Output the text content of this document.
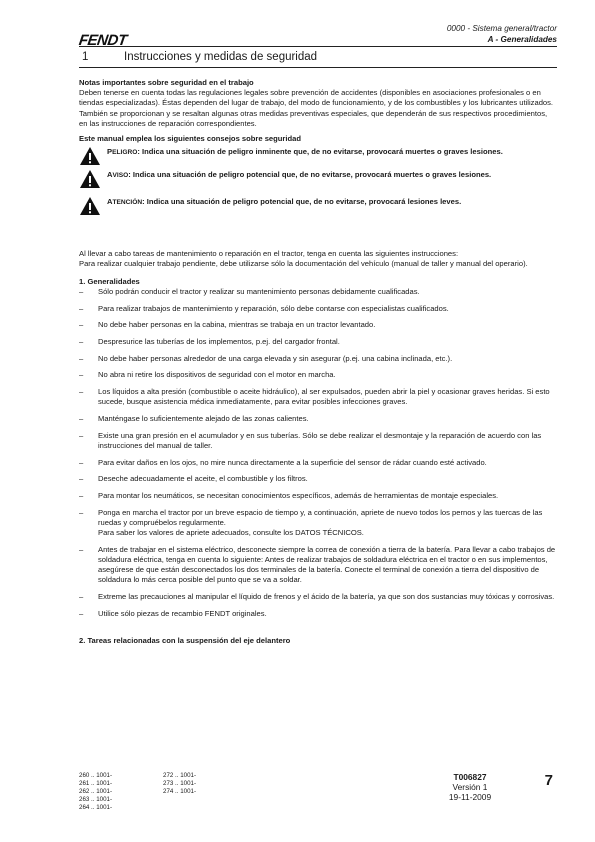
FENDT
0000 - Sistema general/tractor
A - Generalidades
1	Instrucciones y medidas de seguridad

Notas importantes sobre seguridad en el trabajo

Deben tenerse en cuenta todas las regulaciones legales sobre prevención de accidentes (disponibles en asociaciones profesionales o en tiendas especializadas). Éstas dependen del lugar de trabajo, del modo de funcionamiento, y de los combustibles y los lubricantes utilizados. También se proporcionan y se resaltan algunas otras medidas preventivas especiales, que dependerán de sus respectivos procedimientos, en las instrucciones de reparación correspondientes.

Este manual emplea los siguientes consejos sobre seguridad

PELIGRO: Indica una situación de peligro inminente que, de no evitarse, provocará muertes o graves lesiones.
AVISO: Indica una situación de peligro potencial que, de no evitarse, provocará muertes o graves lesiones.
ATENCIÓN: Indica una situación de peligro potencial que, de no evitarse, provocará lesiones leves.

Al llevar a cabo tareas de mantenimiento o reparación en el tractor, tenga en cuenta las siguientes instrucciones:

Para realizar cualquier trabajo pendiente, debe utilizarse sólo la documentación del vehículo (manual de taller y manual del operario).

1. Generalidades

– Sólo podrán conducir el tractor y realizar su mantenimiento personas debidamente cualificadas.
– Para realizar trabajos de mantenimiento y reparación, sólo debe contarse con especialistas cualificados.
– No debe haber personas en la cabina, mientras se trabaja en un tractor levantado.
– Despresurice las tuberías de los implementos, p.ej. del cargador frontal.
– No debe haber personas alrededor de una carga elevada y sin asegurar (p.ej. una cabina inclinada, etc.).
– No abra ni retire los dispositivos de seguridad con el motor en marcha.
– Los líquidos a alta presión (combustible o aceite hidráulico), al ser expulsados, pueden abrir la piel y ocasionar graves heridas. Si esto sucede, busque asistencia médica inmediatamente, para evitar posibles infecciones graves.
– Manténgase lo suficientemente alejado de las zonas calientes.
– Existe una gran presión en el acumulador y en sus tuberías. Sólo se debe realizar el desmontaje y la reparación de acuerdo con las instrucciones del manual de taller.
– Para evitar daños en los ojos, no mire nunca directamente a la superficie del sensor de rádar cuando esté activado.
– Deseche adecuadamente el aceite, el combustible y los filtros.
– Para montar los neumáticos, se necesitan conocimientos específicos, además de herramientas de montaje especiales.
– Ponga en marcha el tractor por un breve espacio de tiempo y, a continuación, apriete de nuevo todos los pernos y las tuercas de las ruedas y compruébelos regularmente.
Para saber los valores de apriete adecuados, consulte los DATOS TÉCNICOS.
– Antes de trabajar en el sistema eléctrico, desconecte siempre la correa de conexión a tierra de la batería. Para llevar a cabo trabajos de soldadura eléctrica, tenga en cuenta lo siguiente: Antes de realizar trabajos de soldadura eléctrica en el tractor o en sus implementos, asegúrese de que están desconectados los dos terminales de la batería. Conecte el terminal de conexión a tierra del dispositivo de soldadura lo más cerca posible del punto que se va a soldar.
– Extreme las precauciones al manipular el líquido de frenos y el ácido de la batería, ya que son dos sustancias muy tóxicas y corrosivas.
– Utilice sólo piezas de recambio FENDT originales.

2. Tareas relacionadas con la suspensión del eje delantero

260 .. 1001-
261 .. 1001-
262 .. 1001-
263 .. 1001-
264 .. 1001-
272 .. 1001-
273 .. 1001-
274 .. 1001-
T006827
Versión 1
19-11-2009
7
